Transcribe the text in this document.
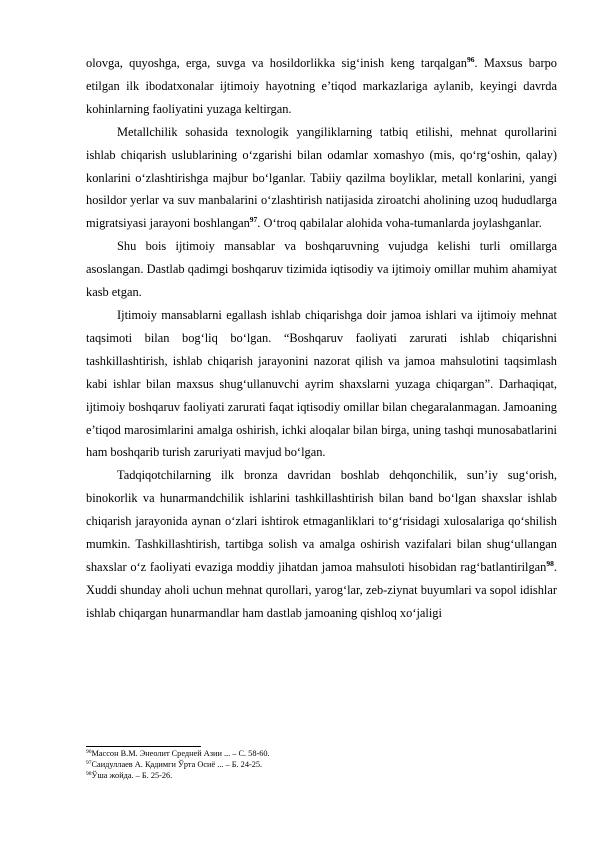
olovga, quyoshga, erga, suvga va hosildorlikka sig‘inish keng tarqalgan$^{96}$. Maxsus barpo etilgan ilk ibodatxonalar ijtimoiy hayotning e’tiqod markazlariga aylanib, keyingi davrda kohinlarning faoliyatini yuzaga keltirgan.

Metallchilik sohasida texnologik yangiliklarning tatbiq etilishi, mehnat qurollarini ishlab chiqarish uslublarining o‘zgarishi bilan odamlar xomashyo (mis, qo‘rg‘oshin, qalay) konlarini o‘zlashtirishga majbur bo‘lganlar. Tabiiy qazilma boyliklar, metall konlarini, yangi hosildor yerlar va suv manbalarini o‘zlashtirish natijasida ziroatchi aholining uzoq hududlarga migratsiyasi jarayoni boshlangan$^{97}$. O‘troq qabilalar alohida voha-tumanlarda joylashganlar.

Shu bois ijtimoiy mansablar va boshqaruvning vujudga kelishi turli omillarga asoslangan. Dastlab qadimgi boshqaruv tizimida iqtisodiy va ijtimoiy omillar muhim ahamiyat kasb etgan.

Ijtimoiy mansablarni egallash ishlab chiqarishga doir jamoa ishlari va ijtimoiy mehnat taqsimoti bilan bog‘liq bo‘lgan. “Boshqaruv faoliyati zarurati ishlab chiqarishni tashkillashtirish, ishlab chiqarish jarayonini nazorat qilish va jamoa mahsulotini taqsimlash kabi ishlar bilan maxsus shug‘ullanuvchi ayrim shaxslarni yuzaga chiqargan”. Darhaqiqat, ijtimoiy boshqaruv faoliyati zarurati faqat iqtisodiy omillar bilan chegaralanmagan. Jamoaning e’tiqod marosimlarini amalga oshirish, ichki aloqalar bilan birga, uning tashqi munosabatlarini ham boshqarib turish zaruriyati mavjud bo‘lgan.

Tadqiqotchilarning ilk bronza davridan boshlab dehqonchilik, sun’iy sug‘orish, binokorlik va hunarmandchilik ishlarini tashkillashtirish bilan band bo‘lgan shaxslar ishlab chiqarish jarayonida aynan o‘zlari ishtirok etmaganliklari to‘g‘risidagi xulosalariga qo‘shilish mumkin. Tashkillashtirish, tartibga solish va amalga oshirish vazifalari bilan shug‘ullangan shaxslar o‘z faoliyati evaziga moddiy jihatdan jamoa mahsuloti hisobidan rag‘batlantirilgan$^{98}$. Xuddi shunday aholi uchun mehnat qurollari, yarog‘lar, zeb-ziynat buyumlari va sopol idishlar ishlab chiqargan hunarmandlar ham dastlab jamoaning qishloq xo‘jaligi

$^{96}$Массон В.М. Энеолит Средней Азии ... – С. 58-60.

$^{97}$Саидуллаев А. Қадимги Ўрта Осиё ... – Б. 24-25.

$^{98}$Ўша жойда. – Б. 25-26.
